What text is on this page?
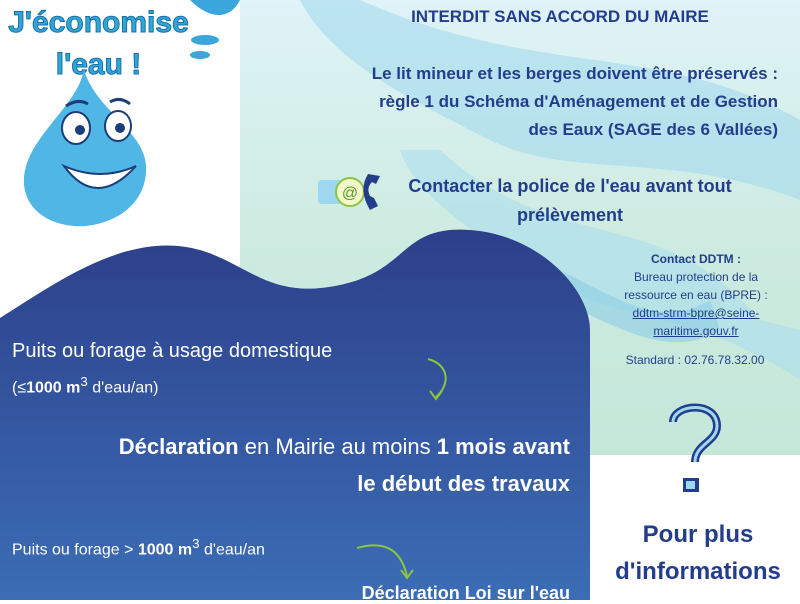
J'économise
l'eau !
INTERDIT SANS ACCORD DU MAIRE
Le lit mineur et les berges doivent être préservés :
règle 1 du Schéma d'Aménagement et de Gestion
des Eaux (SAGE des 6 Vallées)
@	Contacter la police de l'eau avant tout
prélèvement
Contact DDTM :
Bureau protection de la
ressource en eau (BPRE) :
ddtm-strm-bpre@seine-
maritime.gouv.fr
Standard : 02.76.78.32.00
Puits ou forage à usage domestique
(≤1000 $m^3$ d'eau/an)
Déclaration en Mairie au moins 1 mois avant
le début des travaux
Puits ou forage > 1000 $m^3$ d'eau/an
Déclaration Loi sur l'eau
Pour plus
d'informations
